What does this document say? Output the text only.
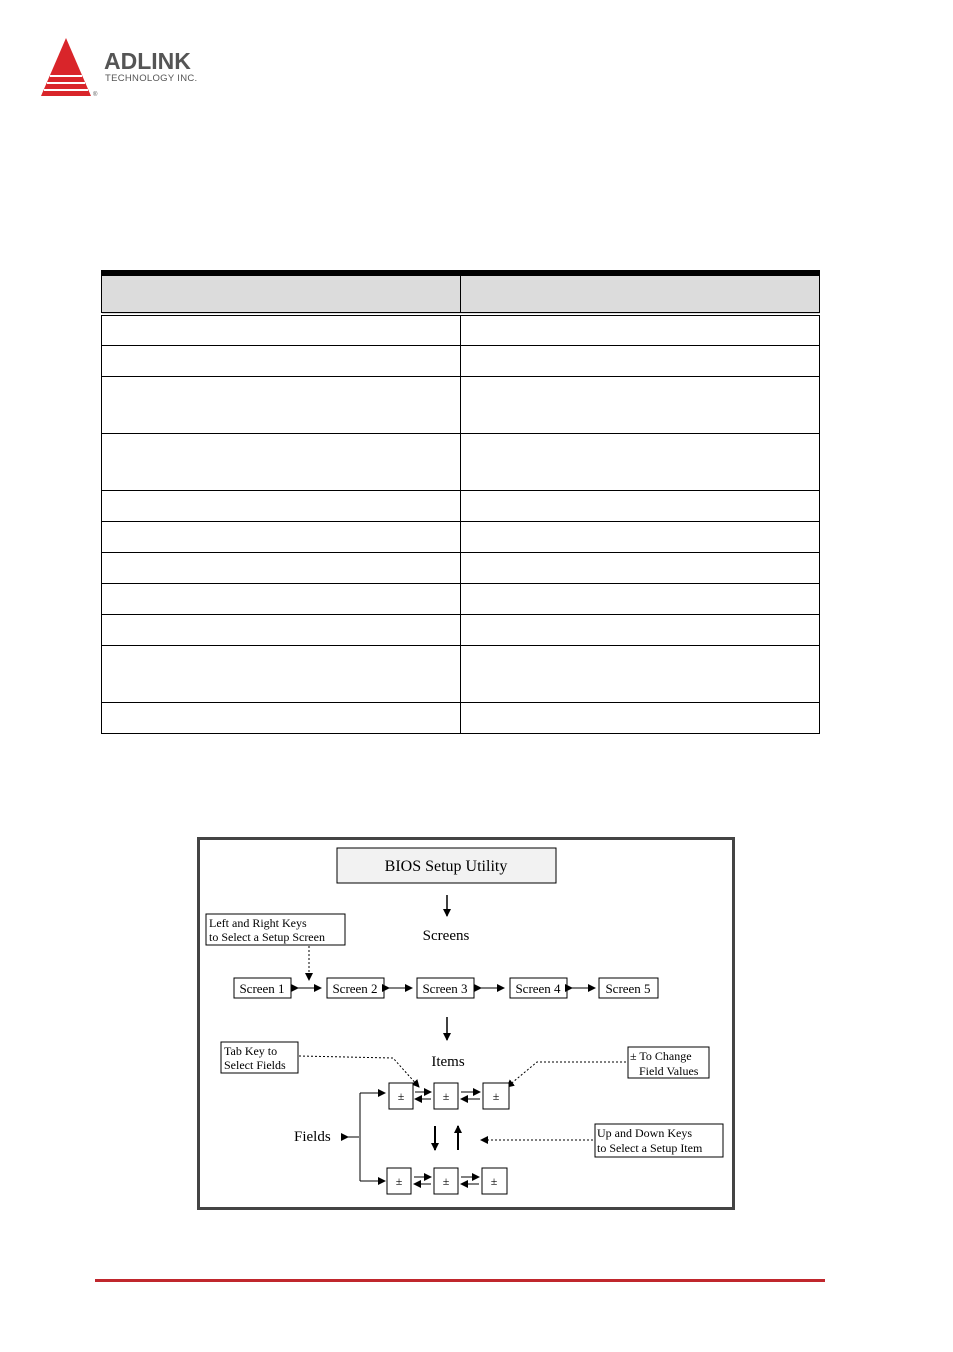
ADLINK
TECHNOLOGY INC.
®

BIOS Setup Utility
Screens
Left and Right Keys
to Select a Setup Screen
Screen 1	Screen 2	Screen 3	Screen 4	Screen 5
Items
Tab Key to
Select Fields
± To Change
Field Values
±	±	±
Fields	Up and Down Keys
to Select a Setup Item
±	±	±
